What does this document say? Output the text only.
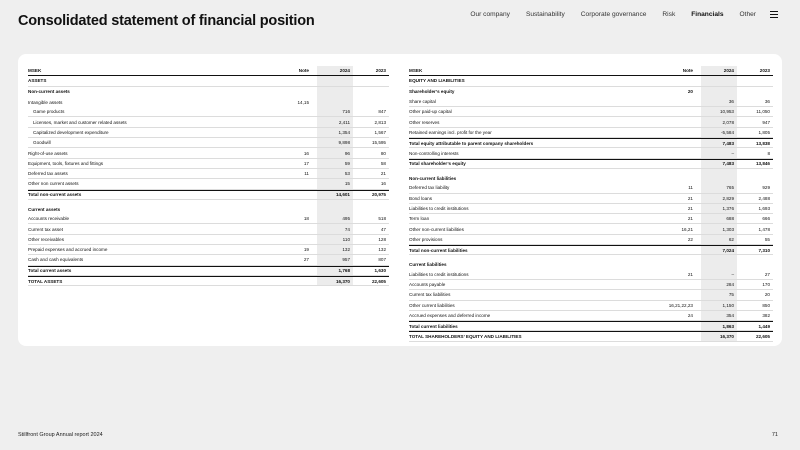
Consolidated statement of financial position	Our company Sustainability Corporate governance Risk Financials Other
MSEK	Note	2024	2023
ASSETS
Non-current assets
Intangible assets	14,15
Game products	716	847
Licenses, market and customer related assets	2,411	2,813
Capitalized development expenditure	1,354	1,567
Goodwill	9,898	15,595
Right-of-use assets	16	96	80
Equipment, tools, fixtures and fittings	17	59	58
Deferred tax assets	11	53	21
Other non current assets	15	16
Total non-current assets	14,601	20,975
Current assets
Accounts receivable	18	495	518
Current tax asset	74	47
Other receivables	110	128
Prepaid expenses and accrued income	19	132	132
Cash and cash equivalents	27	957	807
Total current assets	1,768	1,630
TOTAL ASSETS	16,370	22,605
MSEK	Note	2024	2023
EQUITY AND LIABILITIES
Shareholder’s equity	20
Share capital	36	36
Other paid-up capital	10,953	11,050
Other reserves	2,078	947
Retained earnings incl. profit for the year	-5,584	1,805
Total equity attributable to parent company shareholders	7,483	13,838
Non-controlling interests	–	8
Total shareholder’s equity	7,483	13,846
Non-current liabilities
Deferred tax liability	11	765	929
Bond loans	21	2,829	2,488
Liabilities to credit institutions	21	1,376	1,693
Term loan	21	688	666
Other non-current liabilities	16,21	1,303	1,478
Other provisions	22	62	55
Total non-current liabilities	7,024	7,310
Current liabilities
Liabilities to credit institutions	21	–	27
Accounts payable	284	170
Current tax liabilities	75	20
Other current liabilities	16,21,22,23	1,150	850
Accrued expenses and deferred income	24	354	382
Total current liabilities	1,863	1,449
TOTAL SHAREHOLDERS’ EQUITY AND LIABILITIES	16,370	22,605
Stillfront Group Annual report 2024	71
